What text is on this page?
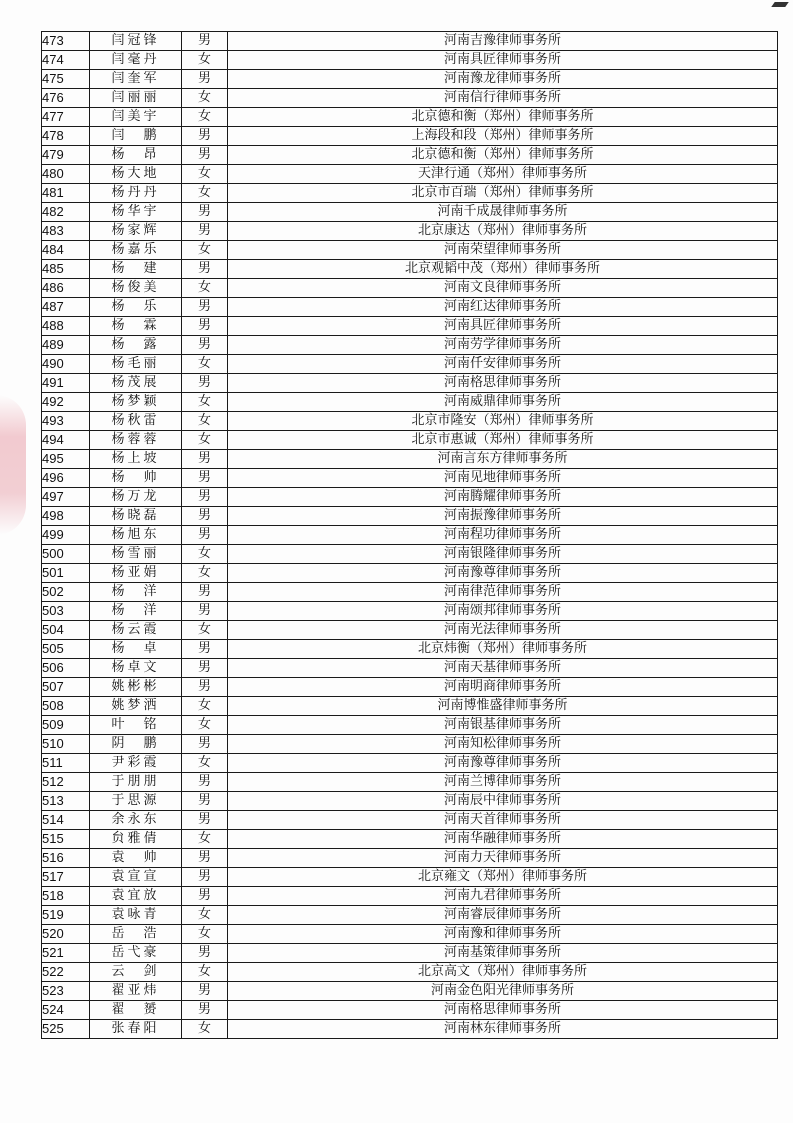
473	闫冠锋	男	河南吉豫律师事务所
474	闫毫丹	女	河南具匠律师事务所
475	闫奎军	男	河南豫龙律师事务所
476	闫丽丽	女	河南信行律师事务所
477	闫美宇	女	北京德和衡（郑州）律师事务所
478	闫　鹏	男	上海段和段（郑州）律师事务所
479	杨　昂	男	北京德和衡（郑州）律师事务所
480	杨大地	女	天津行通（郑州）律师事务所
481	杨丹丹	女	北京市百瑞（郑州）律师事务所
482	杨华宇	男	河南千成晟律师事务所
483	杨家辉	男	北京康达（郑州）律师事务所
484	杨嘉乐	女	河南荣望律师事务所
485	杨　建	男	北京观韬中茂（郑州）律师事务所
486	杨俊美	女	河南文良律师事务所
487	杨　乐	男	河南红达律师事务所
488	杨　霖	男	河南具匠律师事务所
489	杨　露	男	河南劳学律师事务所
490	杨毛丽	女	河南仟安律师事务所
491	杨茂展	男	河南格思律师事务所
492	杨梦颖	女	河南威鼎律师事务所
493	杨秋雷	女	北京市隆安（郑州）律师事务所
494	杨蓉蓉	女	北京市惠诚（郑州）律师事务所
495	杨上坡	男	河南言东方律师事务所
496	杨　帅	男	河南见地律师事务所
497	杨万龙	男	河南腾耀律师事务所
498	杨晓磊	男	河南振豫律师事务所
499	杨旭东	男	河南程功律师事务所
500	杨雪丽	女	河南银隆律师事务所
501	杨亚娟	女	河南豫尊律师事务所
502	杨　洋	男	河南律范律师事务所
503	杨　洋	男	河南颂邦律师事务所
504	杨云霞	女	河南光法律师事务所
505	杨　卓	男	北京炜衡（郑州）律师事务所
506	杨卓文	男	河南天基律师事务所
507	姚彬彬	男	河南明商律师事务所
508	姚梦洒	女	河南博惟盛律师事务所
509	叶　铭	女	河南银基律师事务所
510	阴　鹏	男	河南知松律师事务所
511	尹彩霞	女	河南豫尊律师事务所
512	于朋朋	男	河南兰博律师事务所
513	于思源	男	河南辰中律师事务所
514	余永东	男	河南天首律师事务所
515	贠雅倩	女	河南华融律师事务所
516	袁　帅	男	河南力天律师事务所
517	袁宣宣	男	北京雍文（郑州）律师事务所
518	袁宜放	男	河南九君律师事务所
519	袁咏青	女	河南睿辰律师事务所
520	岳　浩	女	河南豫和律师事务所
521	岳弋豪	男	河南基策律师事务所
522	云　剑	女	北京高文（郑州）律师事务所
523	翟亚炜	男	河南金色阳光律师事务所
524	翟　赟	男	河南格思律师事务所
525	张春阳	女	河南林东律师事务所
